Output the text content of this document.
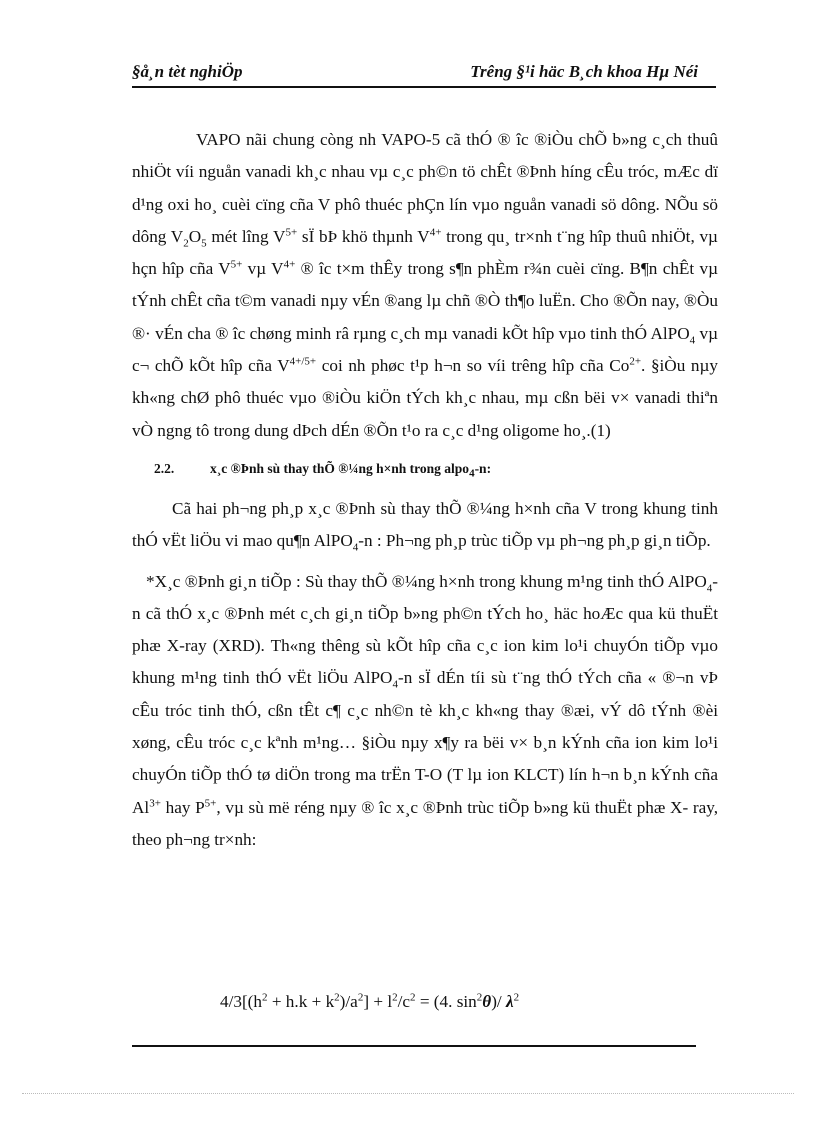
§å¸n tèt nghiÖp	Trêng §¹i häc B¸ch khoa Hµ Néi

VAPO nãi chung còng nh VAPO-5 cã thÓ ® îc ®iÒu chÕ b»ng c¸ch thuû nhiÖt víi nguån vanadi kh¸c nhau vµ c¸c ph©n tö chÊt ®Þnh híng cÊu tróc, mÆc dï d¹ng oxi ho¸ cuèi cïng cña V phô thuéc phÇn lín vµo nguån vanadi sö dông. NÕu sö dông $V_2O_5$ mét lîng $V^{5+}$ sÏ bÞ khö thµnh $V^{4+}$ trong qu¸ tr×nh t¨ng hîp thuû nhiÖt, vµ hçn hîp cña $V^{5+}$ vµ $V^{4+}$ ® îc t×m thÊy trong s¶n phÈm r¾n cuèi cïng. B¶n chÊt vµ tÝnh chÊt cña t©m vanadi nµy vÉn ®ang lµ chñ ®Ò th¶o luËn. Cho ®Õn nay, ®Òu ®· vÉn cha ® îc chøng minh râ rµng c¸ch mµ vanadi kÕt hîp vµo tinh thÓ AlPO$_4$ vµ c¬ chÕ kÕt hîp cña $V^{4+/5+}$ coi nh phøc t¹p h¬n so víi trêng hîp cña $Co^{2+}$. §iÒu nµy kh«ng chØ phô thuéc vµo ®iÒu kiÖn tÝch kh¸c nhau, mµ cßn bëi v× vanadi thiªn vÒ ngng tô trong dung dÞch dÉn ®Õn t¹o ra c¸c d¹ng oligome ho¸.(1)

2.2.	x¸c ®Þnh sù thay thÕ ®¼ng h×nh trong alpo$_4$-n:

Cã hai ph¬ng ph¸p x¸c ®Þnh sù thay thÕ ®¼ng h×nh cña V trong khung tinh thÓ vËt liÖu vi mao qu¶n AlPO$_4$-n : Ph¬ng ph¸p trùc tiÕp vµ ph¬ng ph¸p gi¸n tiÕp.

*X¸c ®Þnh gi¸n tiÕp : Sù thay thÕ ®¼ng h×nh trong khung m¹ng tinh thÓ AlPO$_4$-n cã thÓ x¸c ®Þnh mét c¸ch gi¸n tiÕp b»ng ph©n tÝch ho¸ häc hoÆc qua kü thuËt phæ X-ray (XRD). Th«ng thêng sù kÕt hîp cña c¸c ion kim lo¹i chuyÓn tiÕp vµo khung m¹ng tinh thÓ vËt liÖu AlPO$_4$-n sÏ dÉn tíi sù t¨ng thÓ tÝch cña « ®¬n vÞ cÊu tróc tinh thÓ, cßn tÊt c¶ c¸c nh©n tè kh¸c kh«ng thay ®æi, vÝ dô tÝnh ®èi xøng, cÊu tróc c¸c kªnh m¹ng… §iÒu nµy x¶y ra bëi v× b¸n kÝnh cña ion kim lo¹i chuyÓn tiÕp thÓ tø diÖn trong ma trËn T-O (T lµ ion KLCT) lín h¬n b¸n kÝnh cña $Al^{3+}$ hay $P^{5+}$, vµ sù më réng nµy ® îc x¸c ®Þnh trùc tiÕp b»ng kü thuËt phæ X- ray, theo ph¬ng tr×nh:

$4/3[(h^2 + h.k + k^2)/a^2] + l^2/c^2 = (4$. $\sin^2\theta)/$ $\lambda^2$
